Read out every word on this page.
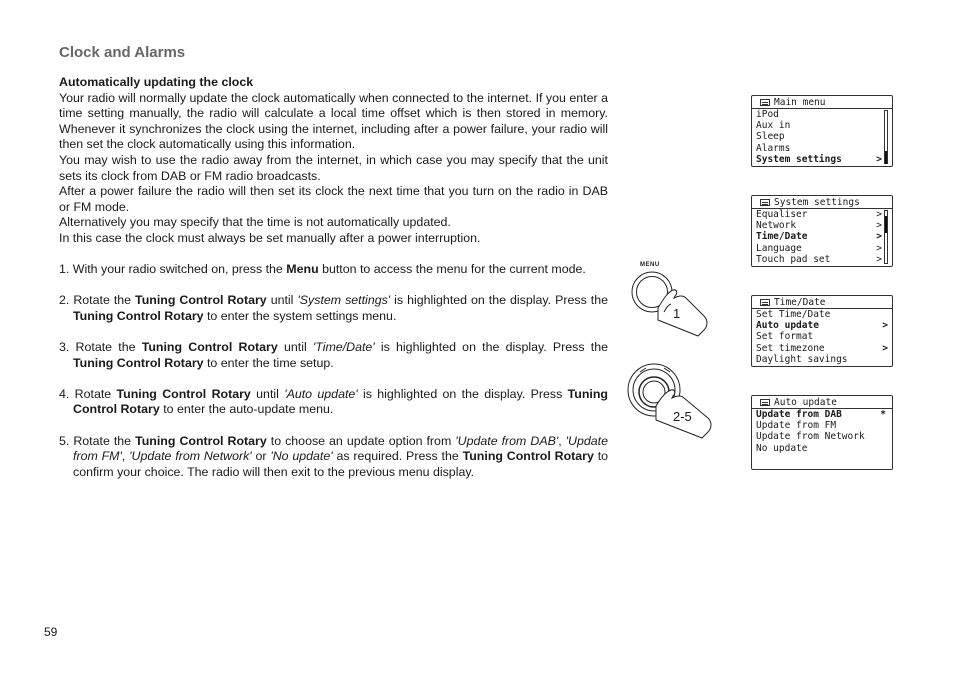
Clock and Alarms

Automatically updating the clock

Your radio will normally update the clock automatically when connected to the internet. If you enter a time setting manually, the radio will calculate a local time offset which is then stored in memory. Whenever it synchronizes the clock using the internet, including after a power failure, your radio will then set the clock automatically using this information.

You may wish to use the radio away from the internet, in which case you may specify that the unit sets its clock from DAB or FM radio broadcasts.

After a power failure the radio will then set its clock the next time that you turn on the radio in DAB or FM mode.

Alternatively you may specify that the time is not automatically updated.

In this case the clock must always be set manually after a power interruption.

1. With your radio switched on, press the Menu button to access the menu for the current mode.

2. Rotate the Tuning Control Rotary until 'System settings' is highlighted on the display. Press the Tuning Control Rotary to enter the system settings menu.

3. Rotate the Tuning Control Rotary until 'Time/Date' is highlighted on the display. Press the Tuning Control Rotary to enter the time setup.

4. Rotate Tuning Control Rotary until 'Auto update' is highlighted on the display. Press Tuning Control Rotary to enter the auto-update menu.

5. Rotate the Tuning Control Rotary to choose an update option from 'Update from DAB', 'Update from FM', 'Update from Network' or 'No update' as required. Press the Tuning Control Rotary to confirm your choice. The radio will then exit to the previous menu display.

MENU
1
2-5
Main menu
iPod
Aux in
Sleep
Alarms
System settings	>
System settings
Equaliser	>
Network	>
Time/Date	>
Language	>
Touch pad set	>
Time/Date
Set Time/Date
Auto update	>
Set format
Set timezone	>
Daylight savings
Auto update
Update from DAB	*
Update from FM
Update from Network
No update
59
